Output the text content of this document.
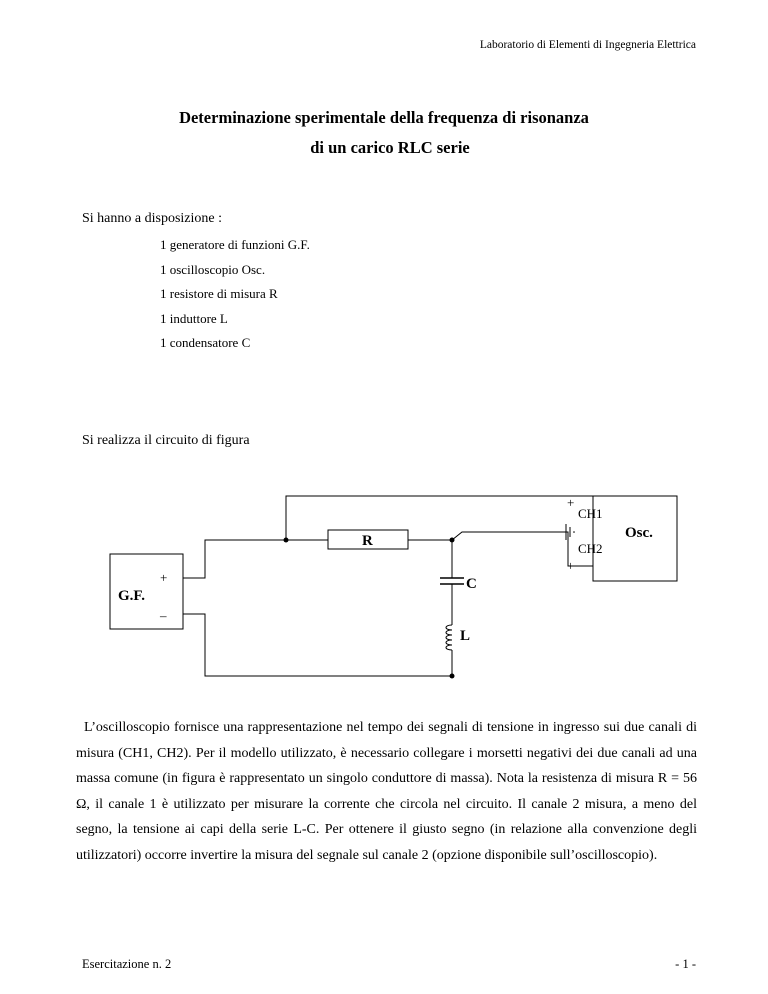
Laboratorio di Elementi di Ingegneria Elettrica
Determinazione sperimentale della frequenza di risonanza
di un carico RLC serie
Si hanno a disposizione :
1 generatore di funzioni G.F.
1 oscilloscopio Osc.
1 resistore di misura R
1 induttore L
1 condensatore C
Si realizza il circuito di figura
G.F.
+
–
R
C
L
Osc.
CH1
CH2
+
+
L’oscilloscopio fornisce una rappresentazione nel tempo dei segnali di tensione in ingresso sui due canali di misura (CH1, CH2). Per il modello utilizzato, è necessario collegare i morsetti negativi dei due canali ad una massa comune (in figura è rappresentato un singolo conduttore di massa). Nota la resistenza di misura R = 56 Ω, il canale 1 è utilizzato per misurare la corrente che circola nel circuito. Il canale 2 misura, a meno del segno, la tensione ai capi della serie L-C. Per ottenere il giusto segno (in relazione alla convenzione degli utilizzatori) occorre invertire la misura del segnale sul canale 2 (opzione disponibile sull’oscilloscopio).
Esercitazione n. 2	- 1 -
